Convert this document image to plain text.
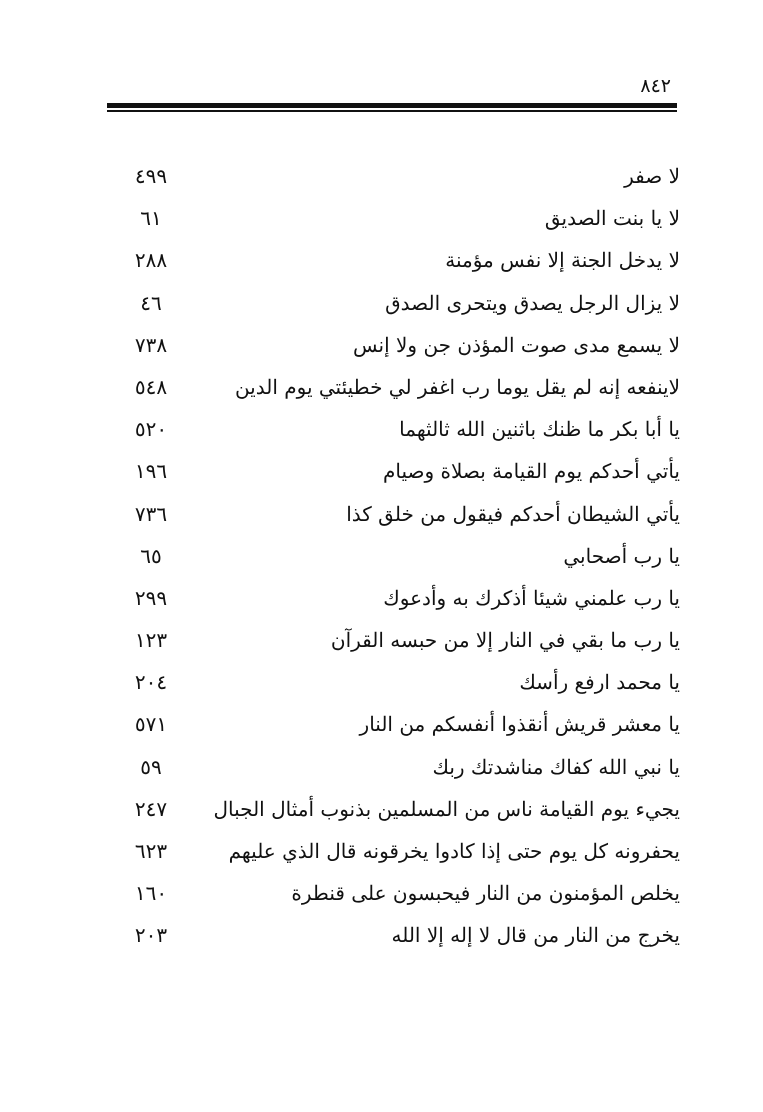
٨٤٢
لا صفر
٤٩٩
لا يا بنت الصديق
٦١
لا يدخل الجنة إلا نفس مؤمنة
٢٨٨
لا يزال الرجل يصدق ويتحرى الصدق
٤٦
لا يسمع مدى صوت المؤذن جن ولا إنس
٧٣٨
لاينفعه إنه لم يقل يوما رب اغفر لي خطيئتي يوم الدين
٥٤٨
يا أبا بكر ما ظنك باثنين الله ثالثهما
٥٢٠
يأتي أحدكم يوم القيامة بصلاة وصيام
١٩٦
يأتي الشيطان أحدكم فيقول من خلق كذا
٧٣٦
يا رب أصحابي
٦٥
يا رب علمني شيئا أذكرك به وأدعوك
٢٩٩
يا رب ما بقي في النار إلا من حبسه القرآن
١٢٣
يا محمد ارفع رأسك
٢٠٤
يا معشر قريش أنقذوا أنفسكم من النار
٥٧١
يا نبي الله كفاك مناشدتك ربك
٥٩
يجيء يوم القيامة ناس من المسلمين بذنوب أمثال الجبال
٢٤٧
يحفرونه كل يوم حتى إذا كادوا يخرقونه قال الذي عليهم
٦٢٣
يخلص المؤمنون من النار فيحبسون على قنطرة
١٦٠
يخرج من النار من قال لا إله إلا الله
٢٠٣
